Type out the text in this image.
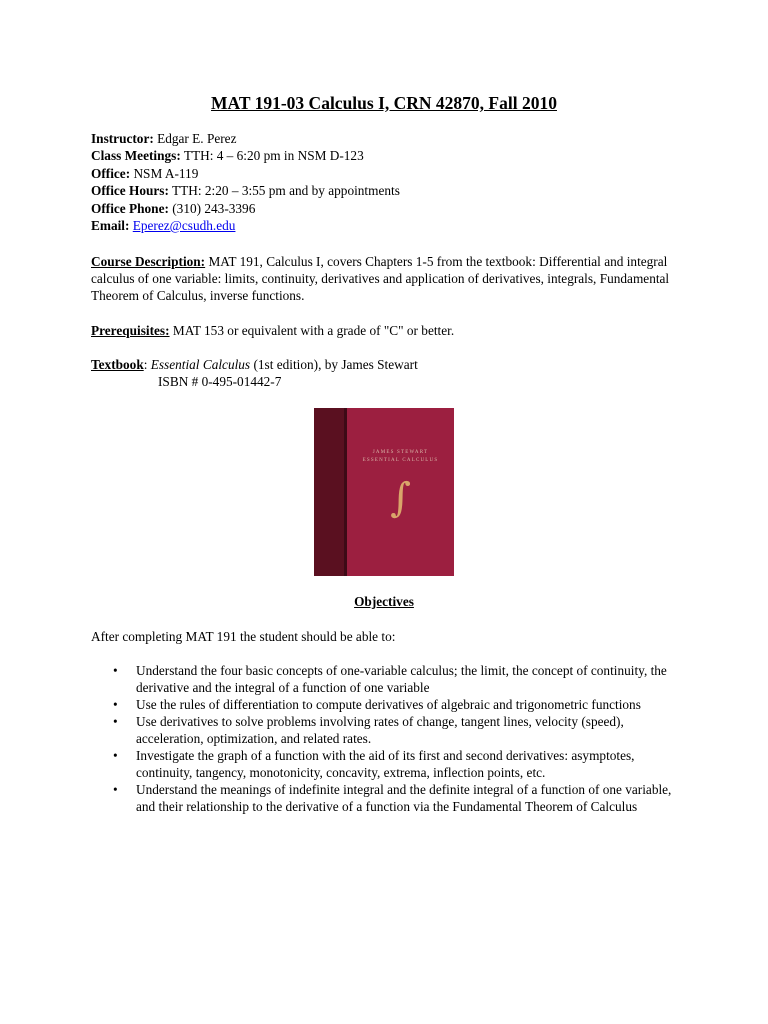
MAT 191-03 Calculus I, CRN 42870, Fall 2010
Instructor: Edgar E. Perez
Class Meetings: TTH: 4 – 6:20 pm in NSM D-123
Office: NSM A-119
Office Hours: TTH: 2:20 – 3:55 pm and by appointments
Office Phone: (310) 243-3396
Email: Eperez@csudh.edu
Course Description: MAT 191, Calculus I, covers Chapters 1-5 from the textbook: Differential and integral calculus of one variable: limits, continuity, derivatives and application of derivatives, integrals, Fundamental Theorem of Calculus, inverse functions.
Prerequisites: MAT 153 or equivalent with a grade of "C" or better.
Textbook: Essential Calculus (1st edition), by James Stewart
ISBN # 0-495-01442-7
JAMES STEWART
ESSENTIAL CALCULUS
∫
Objectives
After completing MAT 191 the student should be able to:
• Understand the four basic concepts of one-variable calculus; the limit, the concept of continuity, the derivative and the integral of a function of one variable
• Use the rules of differentiation to compute derivatives of algebraic and trigonometric functions
• Use derivatives to solve problems involving rates of change, tangent lines, velocity (speed), acceleration, optimization, and related rates.
• Investigate the graph of a function with the aid of its first and second derivatives: asymptotes, continuity, tangency, monotonicity, concavity, extrema, inflection points, etc.
• Understand the meanings of indefinite integral and the definite integral of a function of one variable, and their relationship to the derivative of a function via the Fundamental Theorem of Calculus
